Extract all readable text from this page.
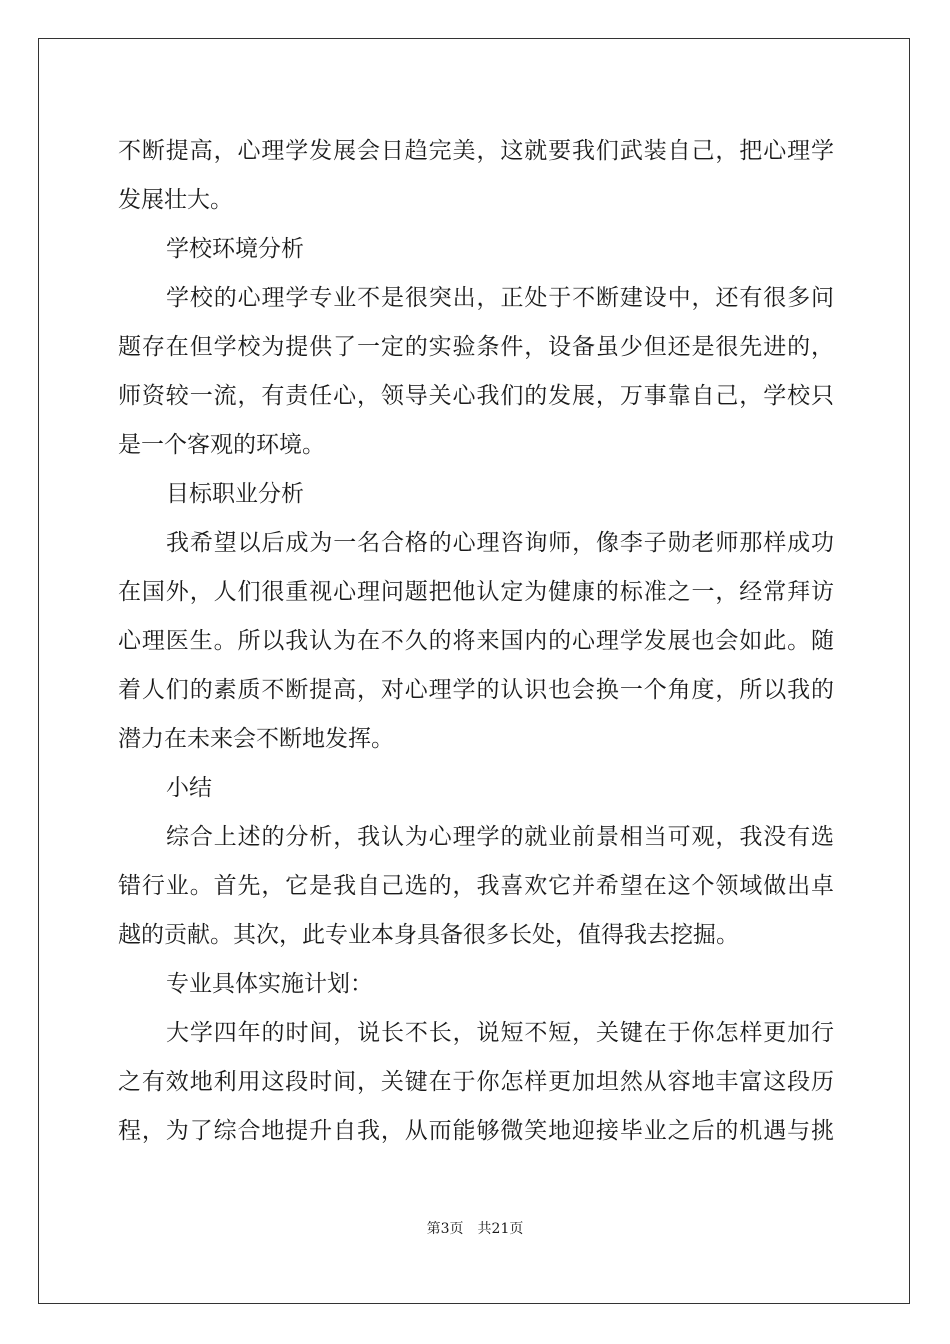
不断提高，心理学发展会日趋完美，这就要我们武装自己，把心理学
发展壮大。
学校环境分析
学校的心理学专业不是很突出，正处于不断建设中，还有很多问
题存在但学校为提供了一定的实验条件，设备虽少但还是很先进的，
师资较一流，有责任心，领导关心我们的发展，万事靠自己，学校只
是一个客观的环境。
目标职业分析
我希望以后成为一名合格的心理咨询师，像李子勋老师那样成功
在国外，人们很重视心理问题把他认定为健康的标准之一，经常拜访
心理医生。所以我认为在不久的将来国内的心理学发展也会如此。随
着人们的素质不断提高，对心理学的认识也会换一个角度，所以我的
潜力在未来会不断地发挥。
小结
综合上述的分析，我认为心理学的就业前景相当可观，我没有选
错行业。首先，它是我自己选的，我喜欢它并希望在这个领域做出卓
越的贡献。其次，此专业本身具备很多长处，值得我去挖掘。
专业具体实施计划：
大学四年的时间，说长不长，说短不短，关键在于你怎样更加行
之有效地利用这段时间，关键在于你怎样更加坦然从容地丰富这段历
程，为了综合地提升自我，从而能够微笑地迎接毕业之后的机遇与挑
第3页 共21页
